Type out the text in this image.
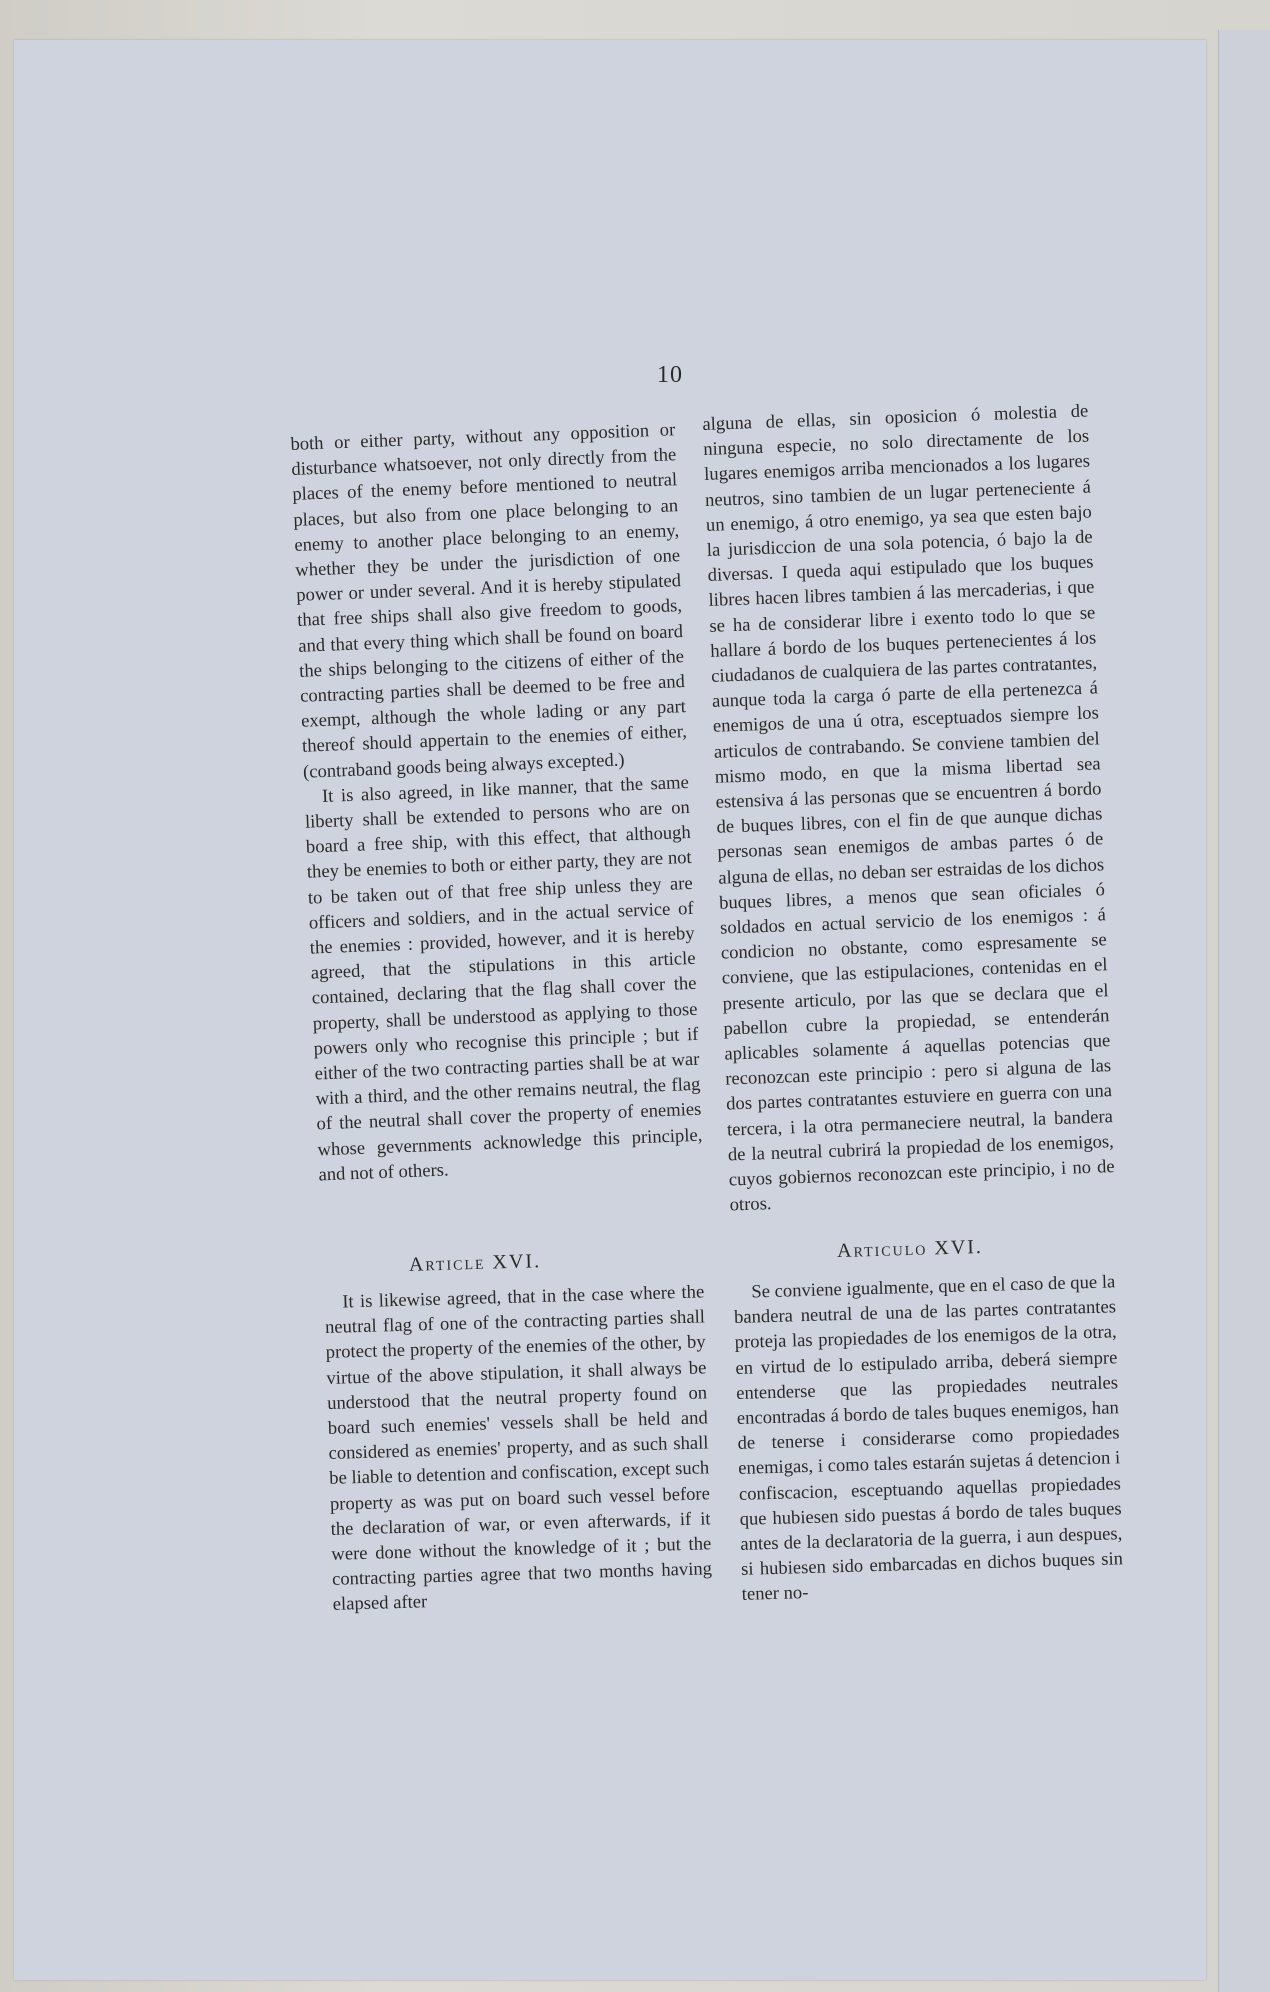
10

both or either party, without any opposition or disturbance whatsoever, not only directly from the places of the enemy before mentioned to neutral places, but also from one place belonging to an enemy to another place belonging to an enemy, whether they be under the jurisdiction of one power or under several. And it is hereby stipulated that free ships shall also give freedom to goods, and that every thing which shall be found on board the ships belonging to the citizens of either of the contracting parties shall be deemed to be free and exempt, although the whole lading or any part thereof should appertain to the enemies of either, (contraband goods being always excepted.)

It is also agreed, in like manner, that the same liberty shall be extended to persons who are on board a free ship, with this effect, that although they be enemies to both or either party, they are not to be taken out of that free ship unless they are officers and soldiers, and in the actual service of the enemies : provided, however, and it is hereby agreed, that the stipulations in this article contained, declaring that the flag shall cover the property, shall be understood as applying to those powers only who recognise this principle ; but if either of the two contracting parties shall be at war with a third, and the other remains neutral, the flag of the neutral shall cover the property of enemies whose gevernments acknowledge this principle, and not of others.

alguna de ellas, sin oposicion ó molestia de ninguna especie, no solo directamente de los lugares enemigos arriba mencionados a los lugares neutros, sino tambien de un lugar perteneciente á un enemigo, á otro enemigo, ya sea que esten bajo la jurisdiccion de una sola potencia, ó bajo la de diversas. I queda aqui estipulado que los buques libres hacen libres tambien á las mercaderias, i que se ha de considerar libre i exento todo lo que se hallare á bordo de los buques pertenecientes á los ciudadanos de cualquiera de las partes contratantes, aunque toda la carga ó parte de ella pertenezca á enemigos de una ú otra, esceptuados siempre los articulos de contrabando. Se conviene tambien del mismo modo, en que la misma libertad sea estensiva á las personas que se encuentren á bordo de buques libres, con el fin de que aunque dichas personas sean enemigos de ambas partes ó de alguna de ellas, no deban ser estraidas de los dichos buques libres, a menos que sean oficiales ó soldados en actual servicio de los enemigos : á condicion no obstante, como espresamente se conviene, que las estipulaciones, contenidas en el presente articulo, por las que se declara que el pabellon cubre la propiedad, se entenderán aplicables solamente á aquellas potencias que reconozcan este principio : pero si alguna de las dos partes contratantes estuviere en guerra con una tercera, i la otra permaneciere neutral, la bandera de la neutral cubrirá la propiedad de los enemigos, cuyos gobiernos reconozcan este principio, i no de otros.

Article XVI.
Articulo XVI.

It is likewise agreed, that in the case where the neutral flag of one of the contracting parties shall protect the property of the enemies of the other, by virtue of the above stipulation, it shall always be understood that the neutral property found on board such enemies' vessels shall be held and considered as enemies' property, and as such shall be liable to detention and confiscation, except such property as was put on board such vessel before the declaration of war, or even afterwards, if it were done without the knowledge of it ; but the contracting parties agree that two months having elapsed after

Se conviene igualmente, que en el caso de que la bandera neutral de una de las partes contratantes proteja las propiedades de los enemigos de la otra, en virtud de lo estipulado arriba, deberá siempre entenderse que las propiedades neutrales encontradas á bordo de tales buques enemigos, han de tenerse i considerarse como propiedades enemigas, i como tales estarán sujetas á detencion i confiscacion, esceptuando aquellas propiedades que hubiesen sido puestas á bordo de tales buques antes de la declaratoria de la guerra, i aun despues, si hubiesen sido embarcadas en dichos buques sin tener no-
